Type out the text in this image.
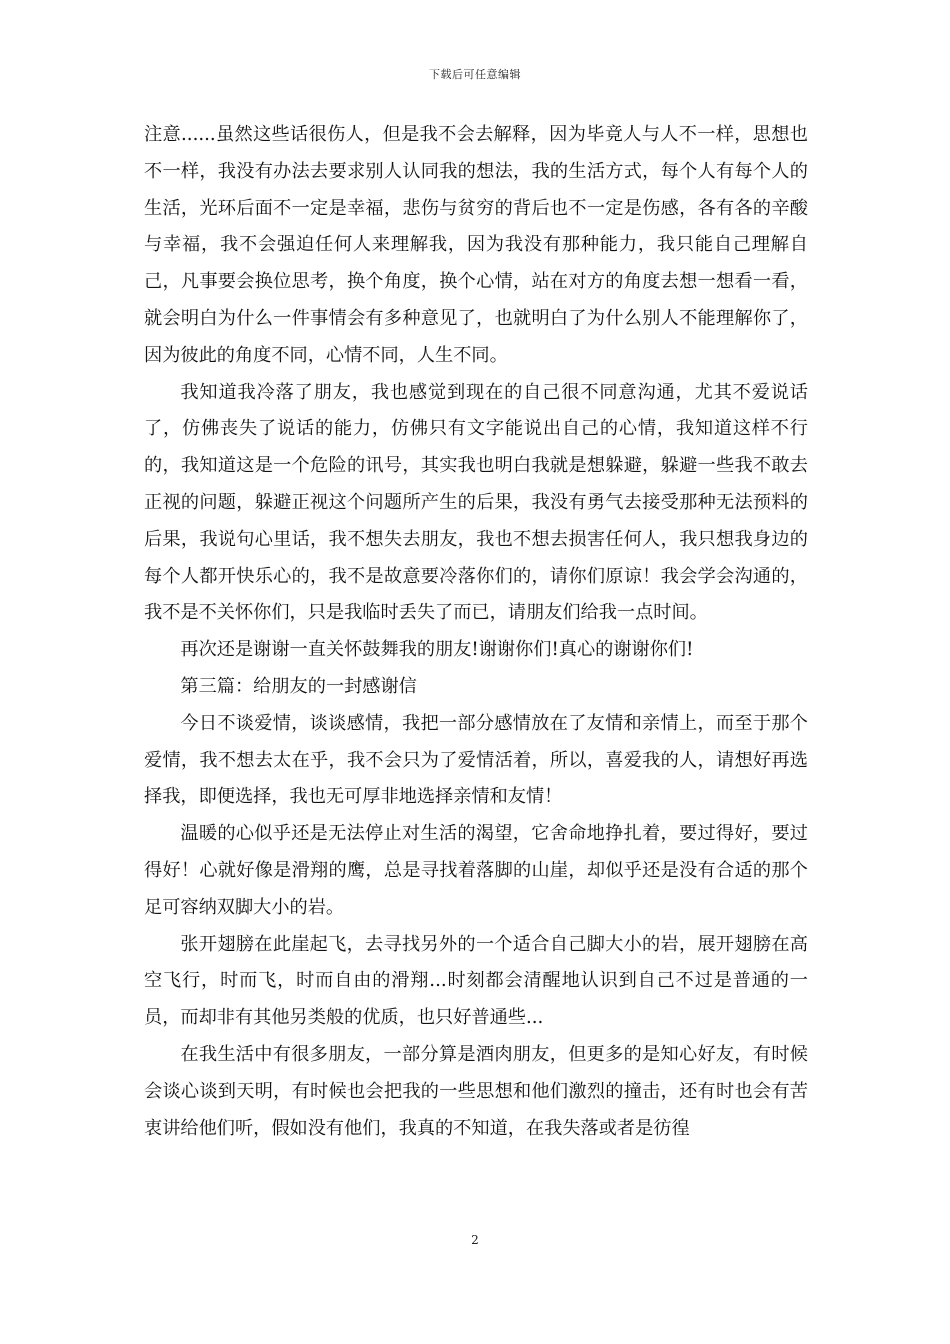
下载后可任意编辑

注意......虽然这些话很伤人，但是我不会去解释，因为毕竟人与人不一样，思想也不一样，我没有办法去要求别人认同我的想法，我的生活方式，每个人有每个人的生活，光环后面不一定是幸福，悲伤与贫穷的背后也不一定是伤感，各有各的辛酸与幸福，我不会强迫任何人来理解我，因为我没有那种能力，我只能自己理解自己，凡事要会换位思考，换个角度，换个心情，站在对方的角度去想一想看一看，就会明白为什么一件事情会有多种意见了，也就明白了为什么别人不能理解你了，因为彼此的角度不同，心情不同，人生不同。

我知道我冷落了朋友，我也感觉到现在的自己很不同意沟通，尤其不爱说话了，仿佛丧失了说话的能力，仿佛只有文字能说出自己的心情，我知道这样不行的，我知道这是一个危险的讯号，其实我也明白我就是想躲避，躲避一些我不敢去正视的问题，躲避正视这个问题所产生的后果，我没有勇气去接受那种无法预料的后果，我说句心里话，我不想失去朋友，我也不想去损害任何人，我只想我身边的每个人都开快乐心的，我不是故意要冷落你们的，请你们原谅！我会学会沟通的，我不是不关怀你们，只是我临时丢失了而已，请朋友们给我一点时间。

再次还是谢谢一直关怀鼓舞我的朋友!谢谢你们!真心的谢谢你们!

第三篇：给朋友的一封感谢信

今日不谈爱情，谈谈感情，我把一部分感情放在了友情和亲情上，而至于那个爱情，我不想去太在乎，我不会只为了爱情活着，所以，喜爱我的人，请想好再选择我，即便选择，我也无可厚非地选择亲情和友情！

温暖的心似乎还是无法停止对生活的渴望，它舍命地挣扎着，要过得好，要过得好！心就好像是滑翔的鹰，总是寻找着落脚的山崖，却似乎还是没有合适的那个足可容纳双脚大小的岩。

张开翅膀在此崖起飞，去寻找另外的一个适合自己脚大小的岩，展开翅膀在高空飞行，时而飞，时而自由的滑翔...时刻都会清醒地认识到自己不过是普通的一员，而却非有其他另类般的优质，也只好普通些...

在我生活中有很多朋友，一部分算是酒肉朋友，但更多的是知心好友，有时候会谈心谈到天明，有时候也会把我的一些思想和他们激烈的撞击，还有时也会有苦衷讲给他们听，假如没有他们，我真的不知道，在我失落或者是彷徨

2
